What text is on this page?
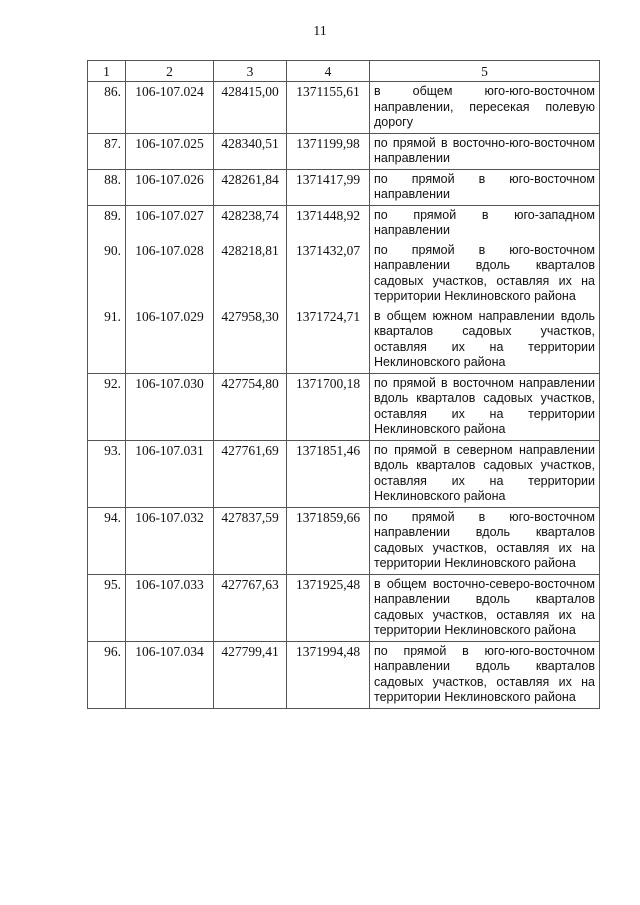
11
1	2	3	4	5
86.	106-107.024	428415,00	1371155,61	в общем юго-юго-восточном направлении, пересекая полевую дорогу
87.	106-107.025	428340,51	1371199,98	по прямой в восточно-юго-восточном направлении
88.	106-107.026	428261,84	1371417,99	по прямой в юго-восточном направлении
89.	106-107.027	428238,74	1371448,92	по прямой в юго-западном направлении
90.	106-107.028	428218,81	1371432,07	по прямой в юго-восточном направлении вдоль кварталов садовых участков, оставляя их на территории Неклиновского района
91.	106-107.029	427958,30	1371724,71	в общем южном направлении вдоль кварталов садовых участков, оставляя их на территории Неклиновского района
92.	106-107.030	427754,80	1371700,18	по прямой в восточном направлении вдоль кварталов садовых участков, оставляя их на территории Неклиновского района
93.	106-107.031	427761,69	1371851,46	по прямой в северном направлении вдоль кварталов садовых участков, оставляя их на территории Неклиновского района
94.	106-107.032	427837,59	1371859,66	по прямой в юго-восточном направлении вдоль кварталов садовых участков, оставляя их на территории Неклиновского района
95.	106-107.033	427767,63	1371925,48	в общем восточно-северо-восточном направлении вдоль кварталов садовых участков, оставляя их на территории Неклиновского района
96.	106-107.034	427799,41	1371994,48	по прямой в юго-юго-восточном направлении вдоль кварталов садовых участков, оставляя их на территории Неклиновского района
